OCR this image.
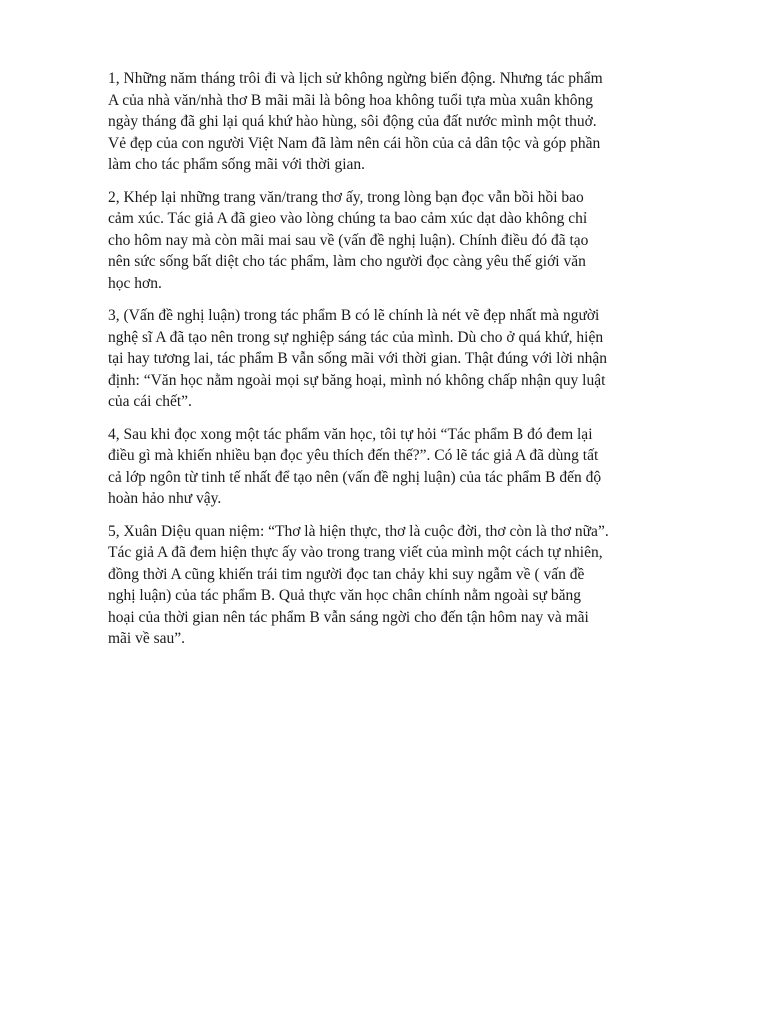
1, Những năm tháng trôi đi và lịch sử không ngừng biến động. Nhưng tác phẩm
A của nhà văn/nhà thơ B mãi mãi là bông hoa không tuổi tựa mùa xuân không
ngày tháng đã ghi lại quá khứ hào hùng, sôi động của đất nước mình một thuở.
Vẻ đẹp của con người Việt Nam đã làm nên cái hồn của cả dân tộc và góp phần
làm cho tác phẩm sống mãi với thời gian.

2, Khép lại những trang văn/trang thơ ấy, trong lòng bạn đọc vẫn bồi hồi bao
cảm xúc. Tác giả A đã gieo vào lòng chúng ta bao cảm xúc dạt dào không chỉ
cho hôm nay mà còn mãi mai sau về (vấn đề nghị luận). Chính điều đó đã tạo
nên sức sống bất diệt cho tác phẩm, làm cho người đọc càng yêu thế giới văn
học hơn.

3, (Vấn đề nghị luận) trong tác phẩm B có lẽ chính là nét vẽ đẹp nhất mà người
nghệ sĩ A đã tạo nên trong sự nghiệp sáng tác của mình. Dù cho ở quá khứ, hiện
tại hay tương lai, tác phẩm B vẫn sống mãi với thời gian. Thật đúng với lời nhận
định: “Văn học nằm ngoài mọi sự băng hoại, mình nó không chấp nhận quy luật
của cái chết”.

4, Sau khi đọc xong một tác phẩm văn học, tôi tự hỏi “Tác phẩm B đó đem lại
điều gì mà khiến nhiều bạn đọc yêu thích đến thế?”. Có lẽ tác giả A đã dùng tất
cả lớp ngôn từ tinh tế nhất để tạo nên (vấn đề nghị luận) của tác phẩm B đến độ
hoàn hảo như vậy.

5, Xuân Diệu quan niệm: “Thơ là hiện thực, thơ là cuộc đời, thơ còn là thơ nữa”.
Tác giả A đã đem hiện thực ấy vào trong trang viết của mình một cách tự nhiên,
đồng thời A cũng khiến trái tim người đọc tan chảy khi suy ngẫm về ( vấn đề
nghị luận) của tác phẩm B. Quả thực văn học chân chính nằm ngoài sự băng
hoại của thời gian nên tác phẩm B vẫn sáng ngời cho đến tận hôm nay và mãi
mãi về sau”.
